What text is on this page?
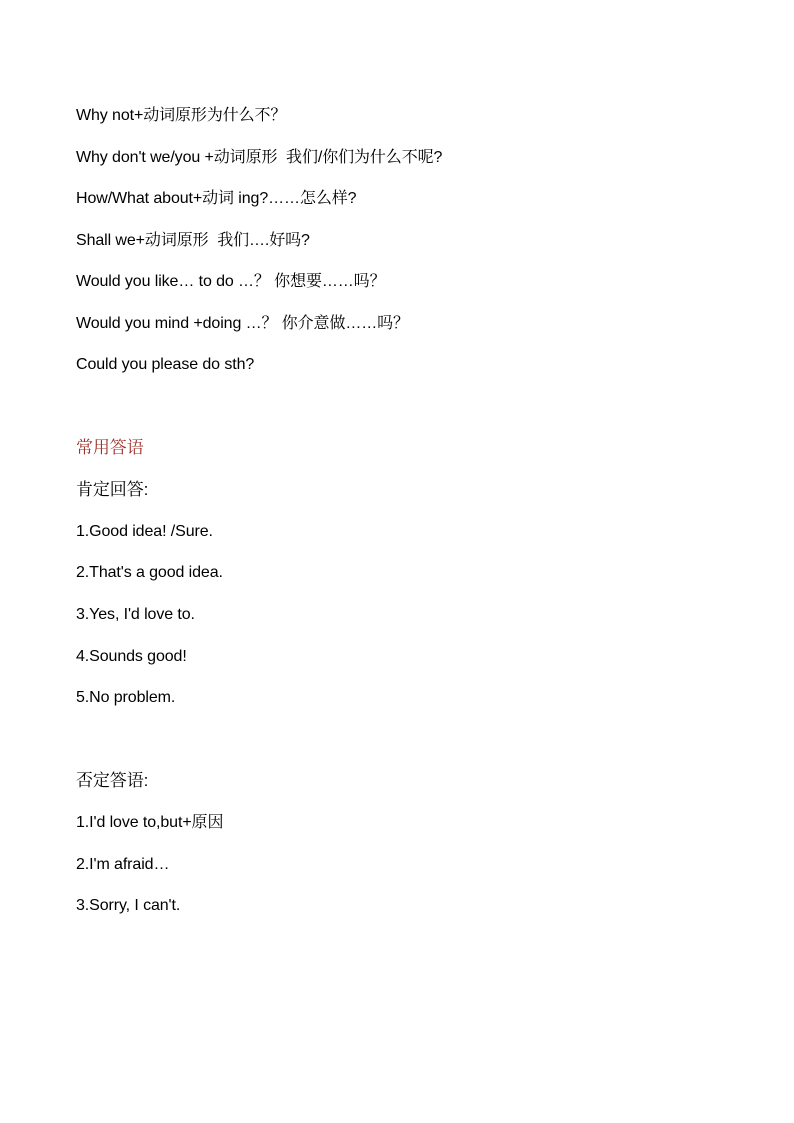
Why not+动词原形为什么不？
Why don't we/you +动词原形  我们/你们为什么不呢?
How/What about+动词 ing?……怎么样?
Shall we+动词原形  我们….好吗?
Would you like… to do …？ 你想要……吗？
Would you mind +doing …？ 你介意做……吗？
Could you please do sth?
常用答语
肯定回答:
1.Good idea! /Sure.
2.That's a good idea.
3.Yes, I'd love to.
4.Sounds good!
5.No problem.
否定答语:
1.I'd love to,but+原因
2.I'm afraid…
3.Sorry, I can't.
